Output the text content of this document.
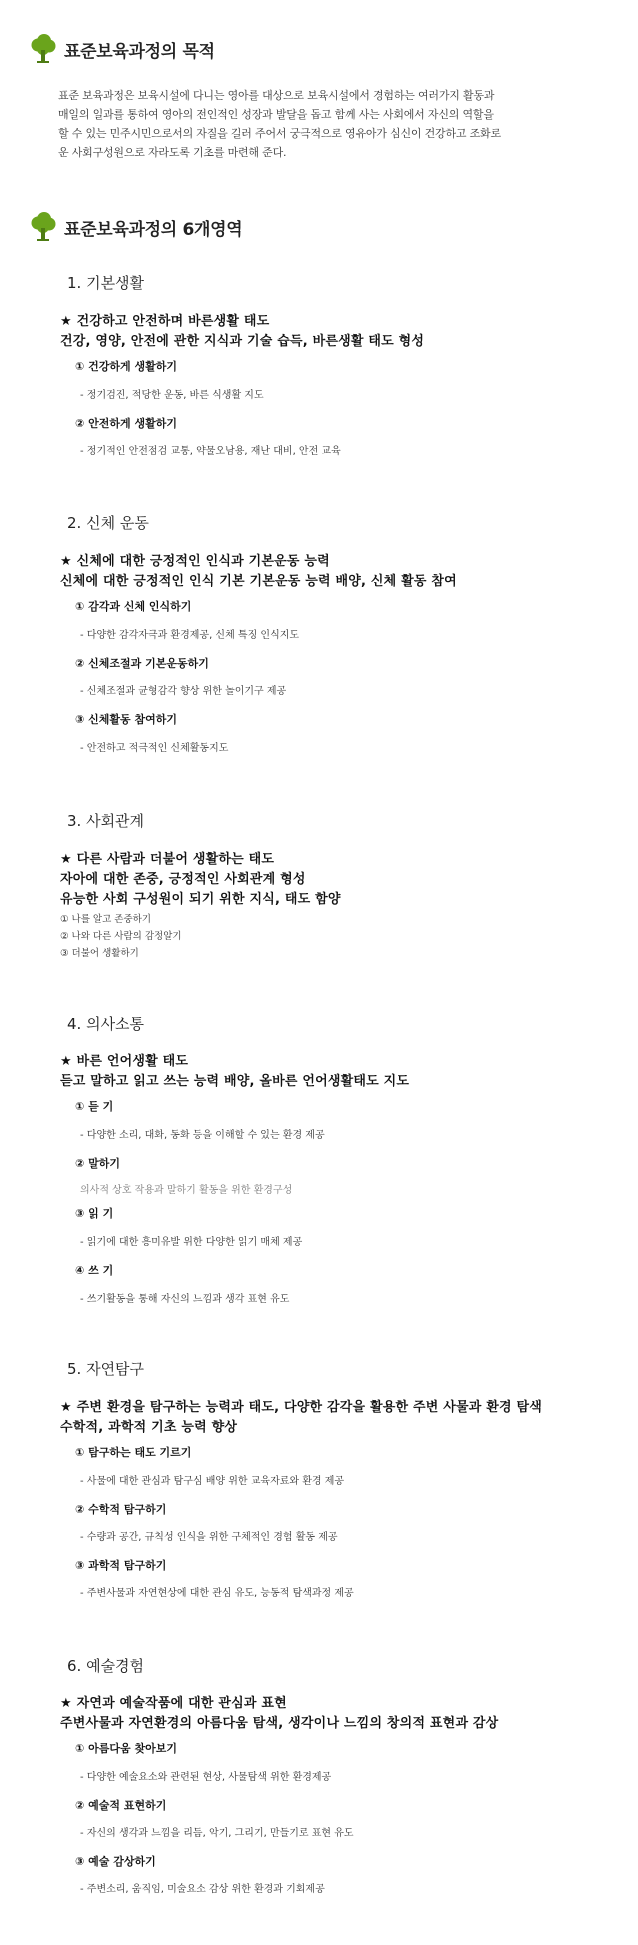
표준보육과정의 목적
표준 보육과정은 보육시설에 다니는 영아를 대상으로 보육시설에서 경험하는 여러가지 활동과
매일의 일과를 통하여 영아의 전인적인 성장과 발달을 돕고 함께 사는 사회에서 자신의 역할을
할 수 있는 민주시민으로서의 자질을 길러 주어서 궁극적으로 영유아가 심신이 건강하고 조화로
운 사회구성원으로 자라도록 기초를 마련해 준다.
표준보육과정의 6개영역
1. 기본생활
★ 건강하고 안전하며 바른생활 태도
건강, 영양, 안전에 관한 지식과 기술 습득, 바른생활 태도 형성
① 건강하게 생활하기
- 정기검진, 적당한 운동, 바른 식생활 지도
② 안전하게 생활하기
- 정기적인 안전점검 교통, 약물오남용, 재난 대비, 안전 교육
2. 신체 운동
★ 신체에 대한 긍정적인 인식과 기본운동 능력
신체에 대한 긍정적인 인식 기본 기본운동 능력 배양, 신체 활동 참여
① 감각과 신체 인식하기
- 다양한 감각자극과 환경제공, 신체 특징 인식지도
② 신체조절과 기본운동하기
- 신체조절과 균형감각 향상 위한 놀이기구 제공
③ 신체활동 참여하기
- 안전하고 적극적인 신체활동지도
3. 사회관계
★ 다른 사람과 더불어 생활하는 태도
자아에 대한 존중, 긍정적인 사회관계 형성
유능한 사회 구성원이 되기 위한 지식, 태도 함양
① 나를 알고 존중하기
② 나와 다른 사람의 감정알기
③ 더불어 생활하기
4. 의사소통
★ 바른 언어생활 태도
듣고 말하고 읽고 쓰는 능력 배양, 올바른 언어생활태도 지도
① 듣 기
- 다양한 소리, 대화, 동화 등을 이해할 수 있는 환경 제공
② 말하기
의사적 상호 작용과 말하기 활동을 위한 환경구성
③ 읽 기
- 읽기에 대한 흥미유발 위한 다양한 읽기 매체 제공
④ 쓰 기
- 쓰기활동을 통해 자신의 느낌과 생각 표현 유도
5. 자연탐구
★ 주변 환경을 탐구하는 능력과 태도, 다양한 감각을 활용한 주변 사물과 환경 탐색
수학적, 과학적 기초 능력 향상
① 탐구하는 태도 기르기
- 사물에 대한 관심과 탐구심 배양 위한 교육자료와 환경 제공
② 수학적 탐구하기
- 수량과 공간, 규칙성 인식을 위한 구체적인 경험 활동 제공
③ 과학적 탐구하기
- 주변사물과 자연현상에 대한 관심 유도, 능동적 탐색과정 제공
6. 예술경험
★ 자연과 예술작품에 대한 관심과 표현
주변사물과 자연환경의 아름다움 탐색, 생각이나 느낌의 창의적 표현과 감상
① 아름다움 찾아보기
- 다양한 예술요소와 관련된 현상, 사물탐색 위한 환경제공
② 예술적 표현하기
- 자신의 생각과 느낌을 리듬, 악기, 그리기, 만들기로 표현 유도
③ 예술 감상하기
- 주변소리, 움직임, 미술요소 감상 위한 환경과 기회제공
